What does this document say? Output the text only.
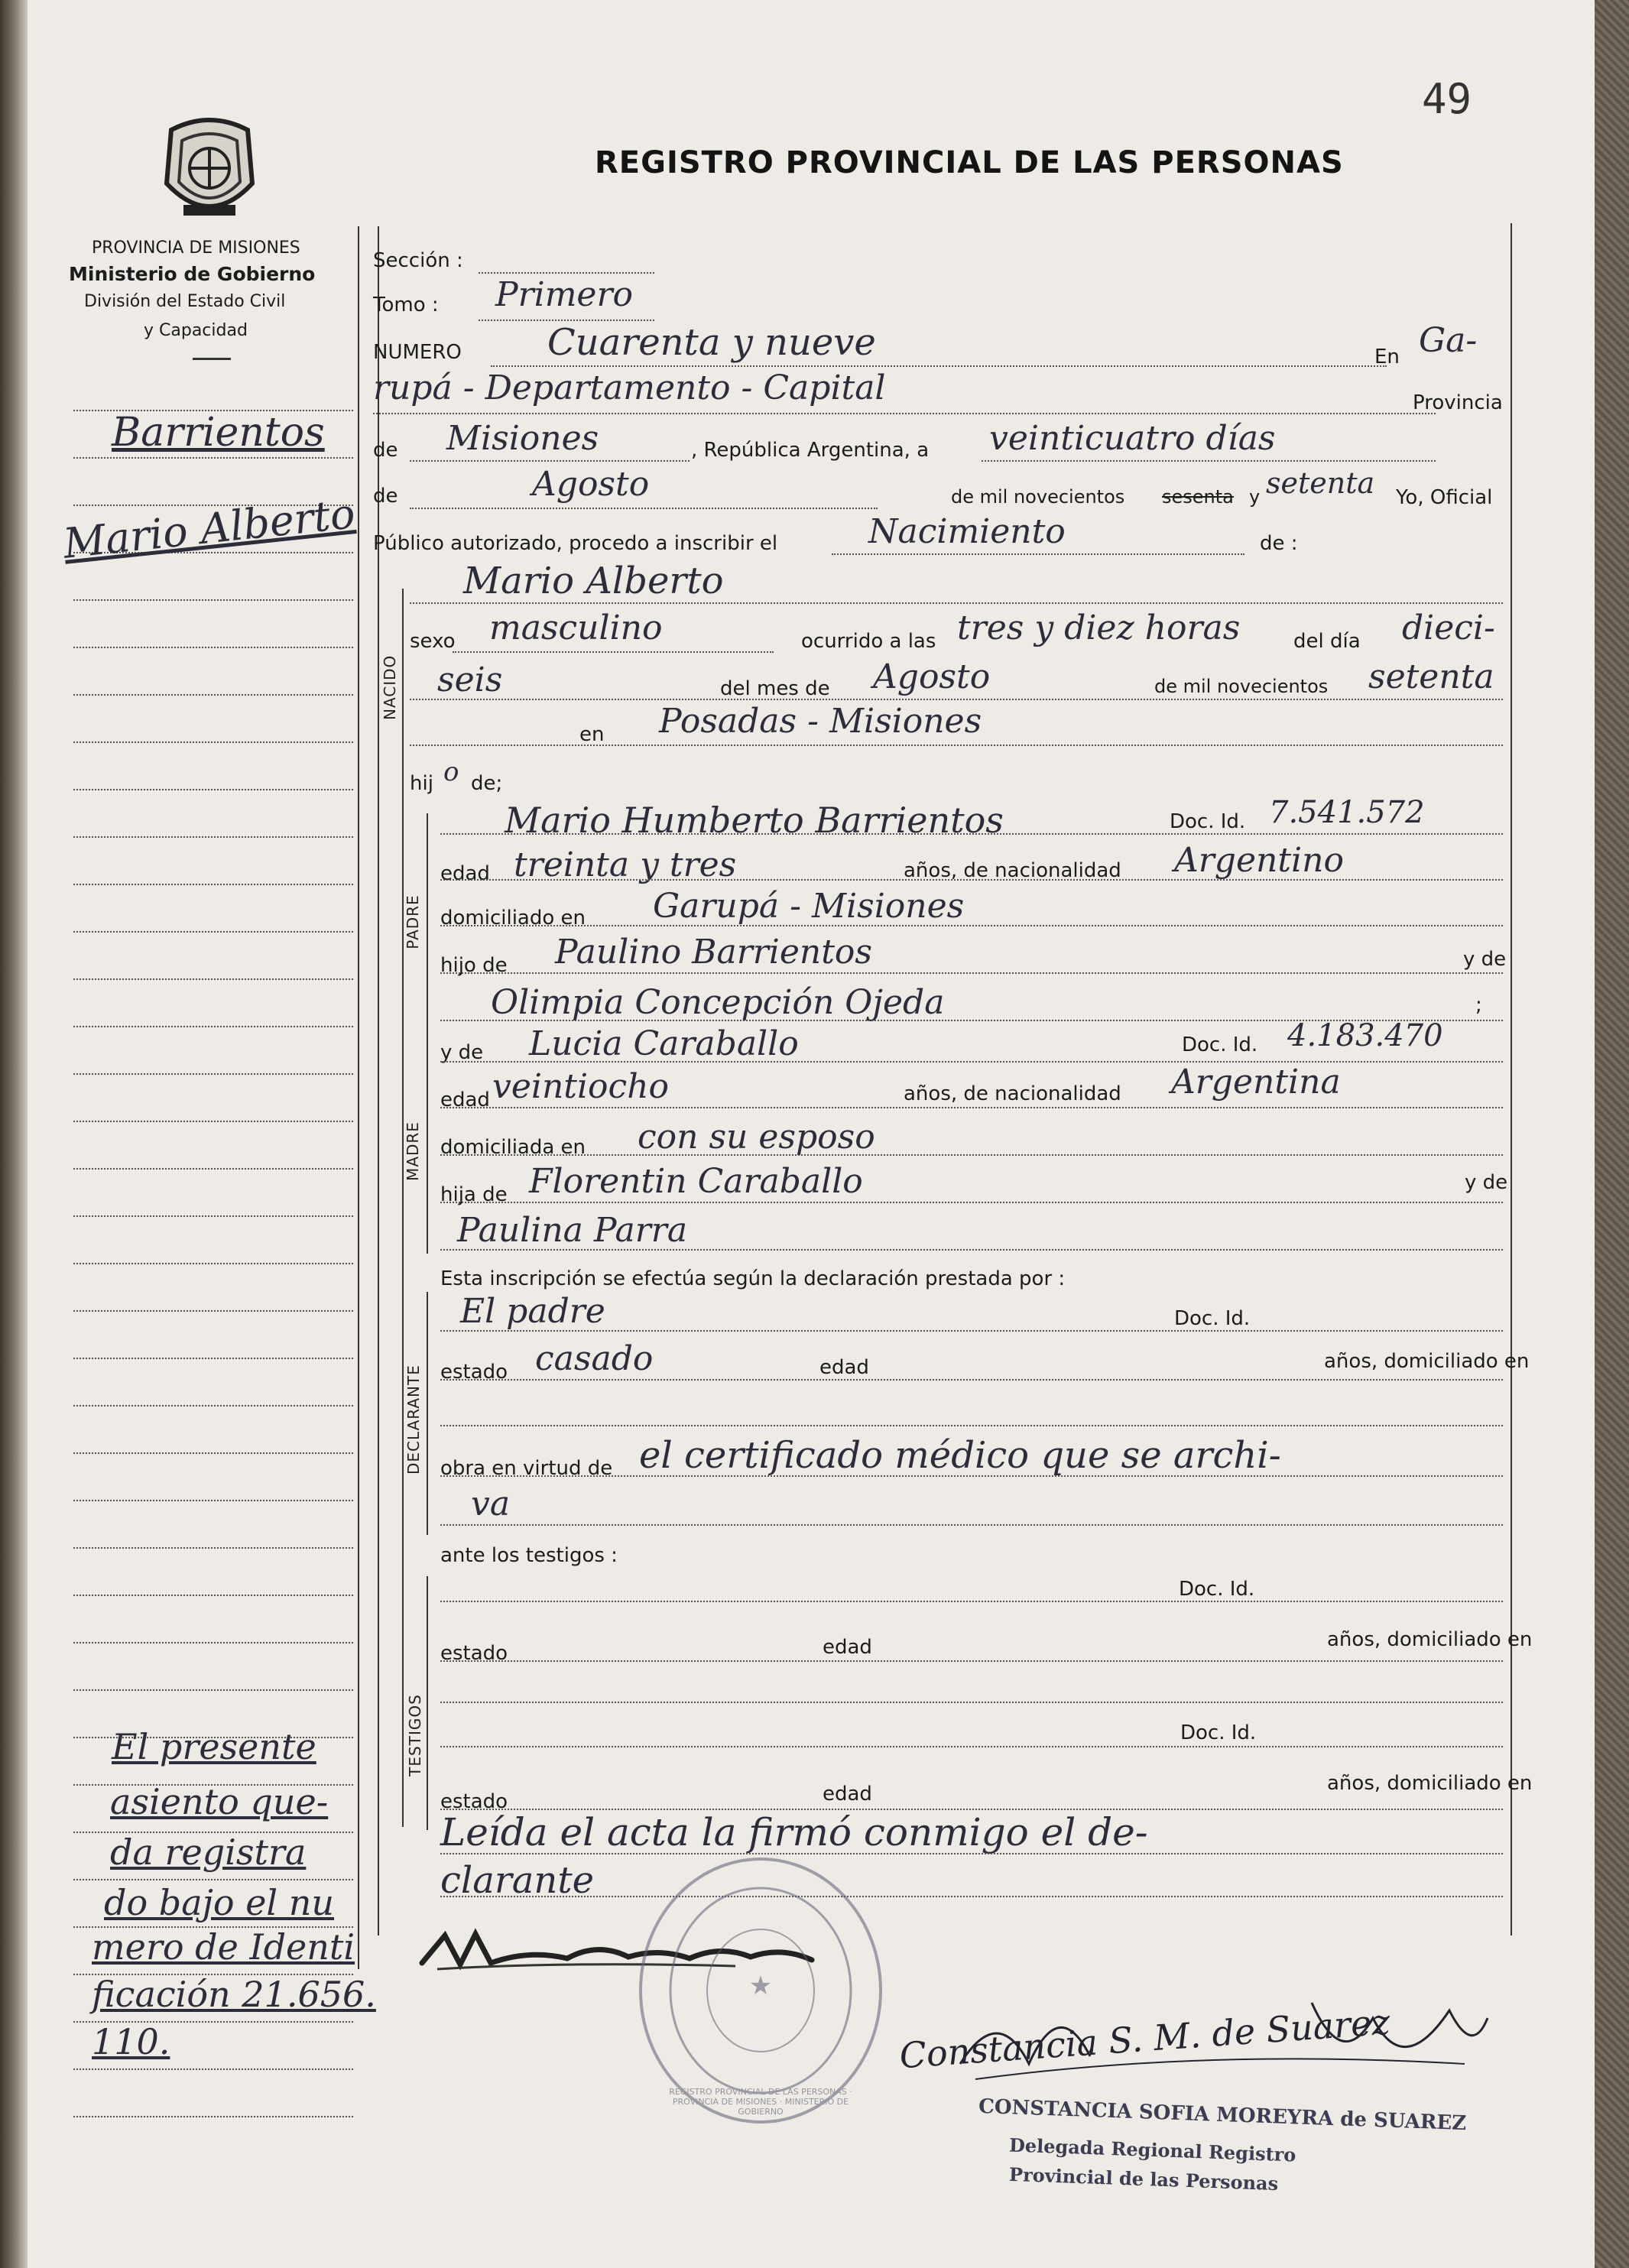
49
REGISTRO PROVINCIAL DE LAS PERSONAS
PROVINCIA DE MISIONES
Ministerio de Gobierno
División del Estado Civil
y Capacidad
Barrientos
Mario Alberto
El presente
asiento que-
da registra
do bajo el nu
mero de Identi
ficación 21.656.
110.
Sección :
Tomo : Primero
NUMERO Cuarenta y nueve	En Ga-
rupá - Departamento - Capital	Provincia
de Misiones	, República Argentina, a veinticuatro días
de	Agosto	de mil novecientos sesenta y setenta Yo, Oficial
Público autorizado, procedo a inscribir el	Nacimiento	de :
NACIDO
Mario Alberto
sexo masculino	ocurrido a las tres y diez horas	del día dieci-
seis	del mes de Agosto	de mil novecientos setenta
en Posadas - Misiones
hij o de;
PADRE
Mario Humberto Barrientos	Doc. Id. 7.541.572
edad treinta y tres	años, de nacionalidad Argentino
domiciliado en Garupá - Misiones
hijo de Paulino Barrientos	y de
Olimpia Concepción Ojeda	;
MADRE
y de Lucia Caraballo	Doc. Id. 4.183.470
edad veintiocho	años, de nacionalidad Argentina
domiciliada en con su esposo
hija de Florentin Caraballo	y de
Paulina Parra
Esta inscripción se efectúa según la declaración prestada por :
DECLARANTE
El padre	Doc. Id.
estado casado	edad	años, domiciliado en
obra en virtud de el certificado médico que se archi-
va
ante los testigos :
TESTIGOS
Doc. Id.
estado	edad	años, domiciliado en
Doc. Id.
estado	edad	años, domiciliado en
Leída el acta la firmó conmigo el de-
clarante
★
REGISTRO PROVINCIAL DE LAS PERSONAS · PROVINCIA DE MISIONES · MINISTERIO DE GOBIERNO
Constancia S. M. de Suarez
CONSTANCIA SOFIA MOREYRA de SUAREZ
Delegada Regional Registro
Provincial de las Personas
